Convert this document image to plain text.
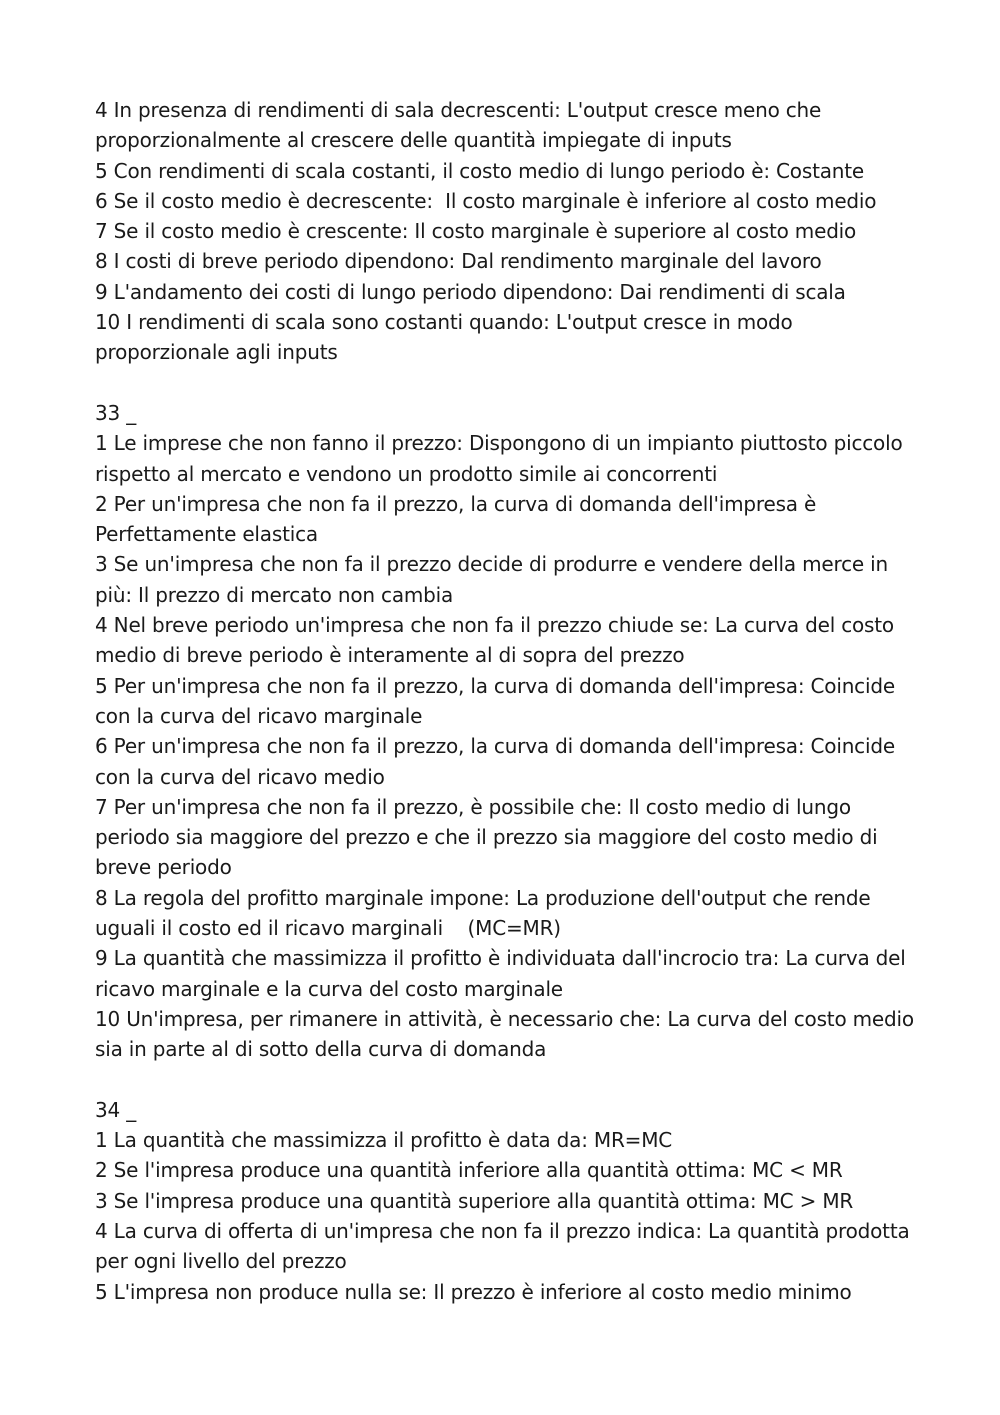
4 In presenza di rendimenti di sala decrescenti: L'output cresce meno che
proporzionalmente al crescere delle quantità impiegate di inputs
5 Con rendimenti di scala costanti, il costo medio di lungo periodo è: Costante
6 Se il costo medio è decrescente:  Il costo marginale è inferiore al costo medio
7 Se il costo medio è crescente: Il costo marginale è superiore al costo medio
8 I costi di breve periodo dipendono: Dal rendimento marginale del lavoro
9 L'andamento dei costi di lungo periodo dipendono: Dai rendimenti di scala
10 I rendimenti di scala sono costanti quando: L'output cresce in modo
proporzionale agli inputs
33 _
1 Le imprese che non fanno il prezzo: Dispongono di un impianto piuttosto piccolo
rispetto al mercato e vendono un prodotto simile ai concorrenti
2 Per un'impresa che non fa il prezzo, la curva di domanda dell'impresa è
Perfettamente elastica
3 Se un'impresa che non fa il prezzo decide di produrre e vendere della merce in
più: Il prezzo di mercato non cambia
4 Nel breve periodo un'impresa che non fa il prezzo chiude se: La curva del costo
medio di breve periodo è interamente al di sopra del prezzo
5 Per un'impresa che non fa il prezzo, la curva di domanda dell'impresa: Coincide
con la curva del ricavo marginale
6 Per un'impresa che non fa il prezzo, la curva di domanda dell'impresa: Coincide
con la curva del ricavo medio
7 Per un'impresa che non fa il prezzo, è possibile che: Il costo medio di lungo
periodo sia maggiore del prezzo e che il prezzo sia maggiore del costo medio di
breve periodo
8 La regola del profitto marginale impone: La produzione dell'output che rende
uguali il costo ed il ricavo marginali    (MC=MR)
9 La quantità che massimizza il profitto è individuata dall'incrocio tra: La curva del
ricavo marginale e la curva del costo marginale
10 Un'impresa, per rimanere in attività, è necessario che: La curva del costo medio
sia in parte al di sotto della curva di domanda
34 _
1 La quantità che massimizza il profitto è data da: MR=MC
2 Se l'impresa produce una quantità inferiore alla quantità ottima: MC < MR
3 Se l'impresa produce una quantità superiore alla quantità ottima: MC > MR
4 La curva di offerta di un'impresa che non fa il prezzo indica: La quantità prodotta
per ogni livello del prezzo
5 L'impresa non produce nulla se: Il prezzo è inferiore al costo medio minimo
